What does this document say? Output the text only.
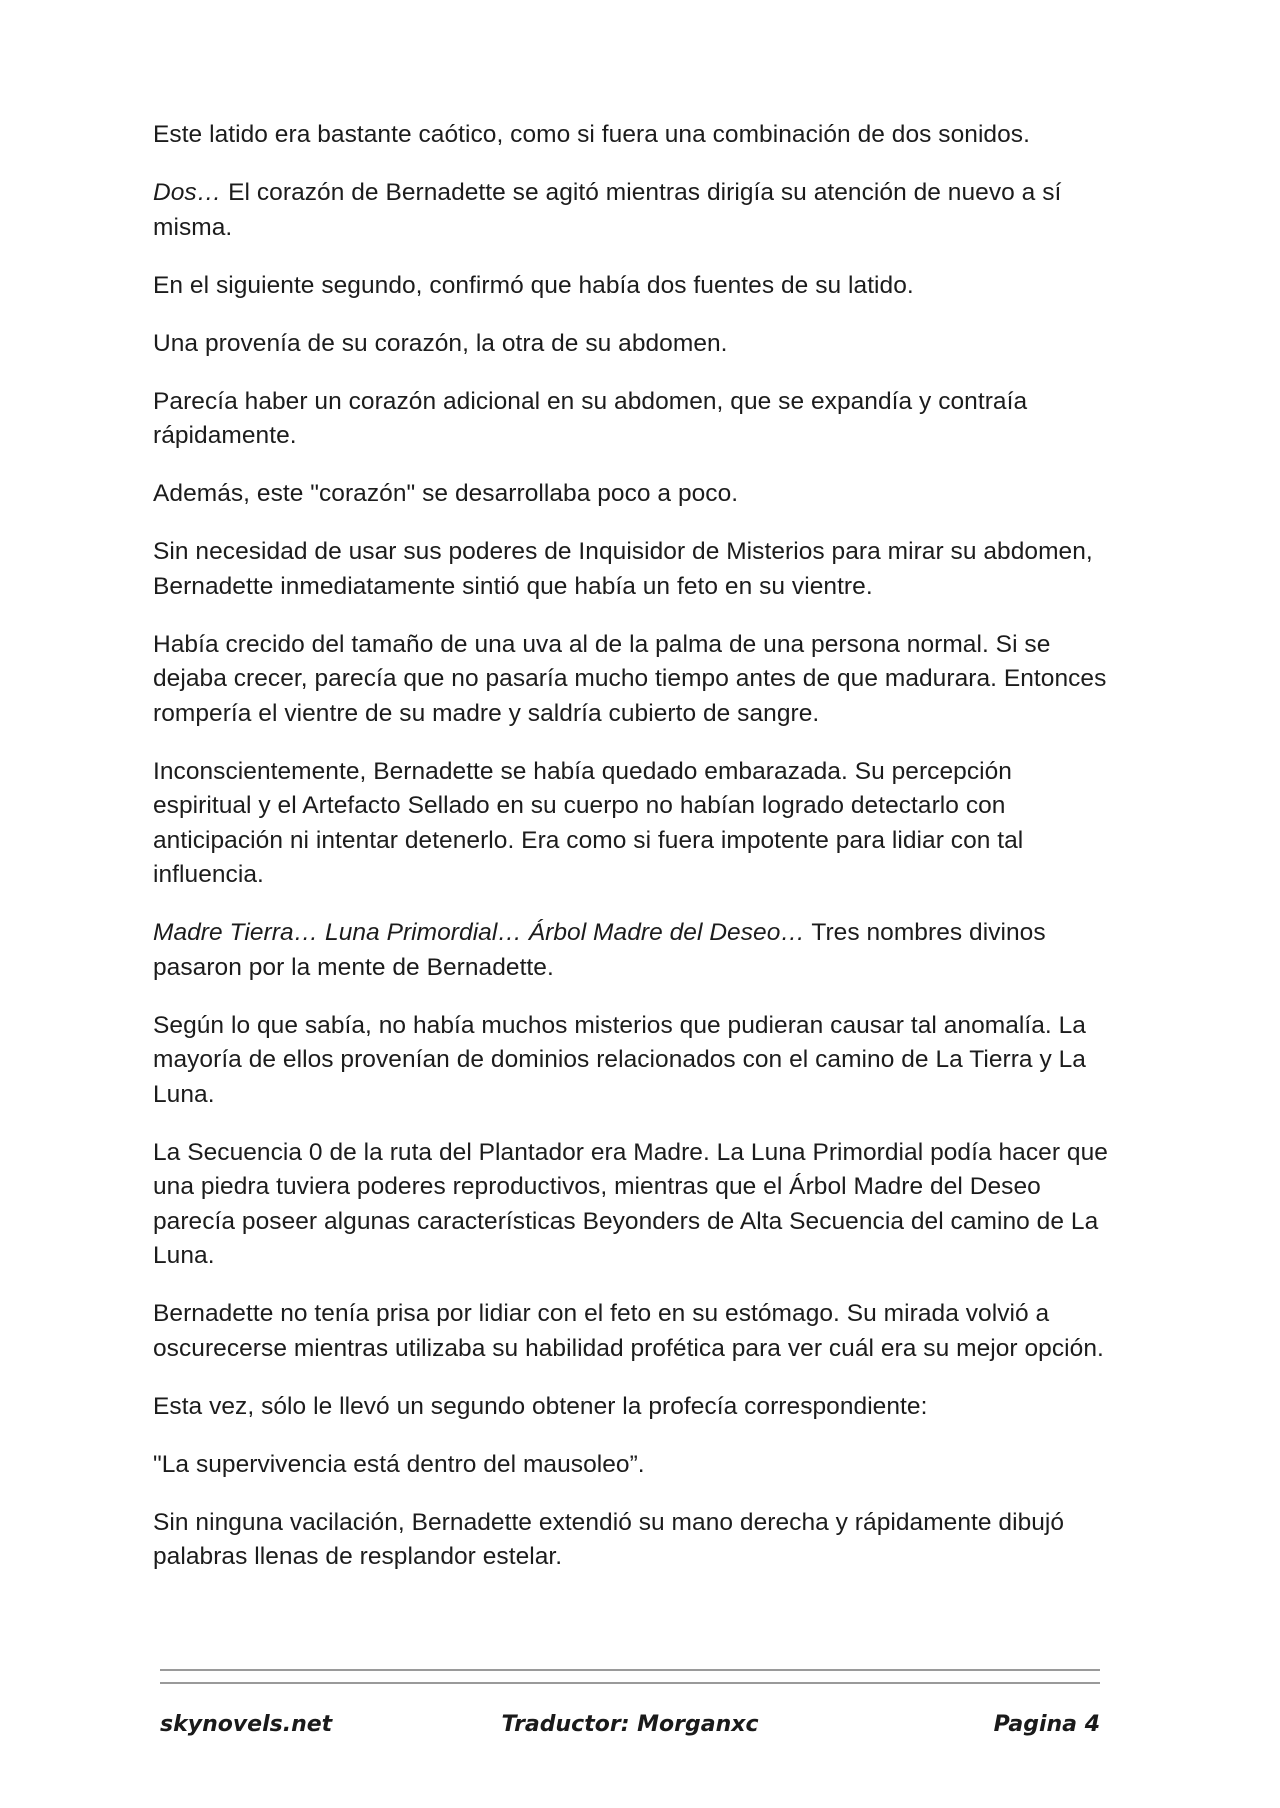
Este latido era bastante caótico, como si fuera una combinación de dos sonidos.

Dos… El corazón de Bernadette se agitó mientras dirigía su atención de nuevo a sí misma.

En el siguiente segundo, confirmó que había dos fuentes de su latido.

Una provenía de su corazón, la otra de su abdomen.

Parecía haber un corazón adicional en su abdomen, que se expandía y contraía rápidamente.

Además, este "corazón" se desarrollaba poco a poco.

Sin necesidad de usar sus poderes de Inquisidor de Misterios para mirar su abdomen, Bernadette inmediatamente sintió que había un feto en su vientre.

Había crecido del tamaño de una uva al de la palma de una persona normal. Si se dejaba crecer, parecía que no pasaría mucho tiempo antes de que madurara. Entonces rompería el vientre de su madre y saldría cubierto de sangre.

Inconscientemente, Bernadette se había quedado embarazada. Su percepción espiritual y el Artefacto Sellado en su cuerpo no habían logrado detectarlo con anticipación ni intentar detenerlo. Era como si fuera impotente para lidiar con tal influencia.

Madre Tierra… Luna Primordial… Árbol Madre del Deseo… Tres nombres divinos pasaron por la mente de Bernadette.

Según lo que sabía, no había muchos misterios que pudieran causar tal anomalía. La mayoría de ellos provenían de dominios relacionados con el camino de La Tierra y La Luna.

La Secuencia 0 de la ruta del Plantador era Madre. La Luna Primordial podía hacer que una piedra tuviera poderes reproductivos, mientras que el Árbol Madre del Deseo parecía poseer algunas características Beyonders de Alta Secuencia del camino de La Luna.

Bernadette no tenía prisa por lidiar con el feto en su estómago. Su mirada volvió a oscurecerse mientras utilizaba su habilidad profética para ver cuál era su mejor opción.

Esta vez, sólo le llevó un segundo obtener la profecía correspondiente:

"La supervivencia está dentro del mausoleo”.

Sin ninguna vacilación, Bernadette extendió su mano derecha y rápidamente dibujó palabras llenas de resplandor estelar.

skynovels.net	Traductor: Morganxc	Pagina 4
